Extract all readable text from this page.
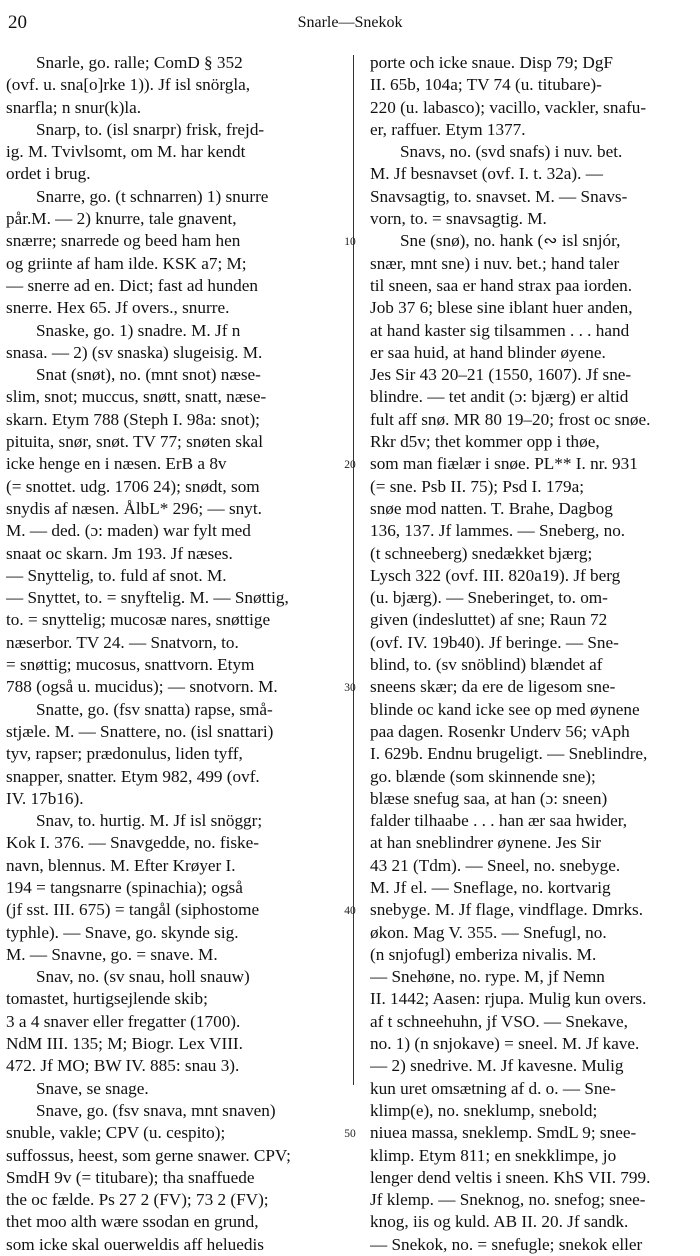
20	Snarle—Snekok
Snarle, go. ralle; ComD § 352
(ovf. u. sna[o]rke 1)). Jf isl snörgla,
snarfla; n snur(k)la.
Snarp, to. (isl snarpr) frisk, frejd-
ig. M. Tvivlsomt, om M. har kendt
ordet i brug.
Snarre, go. (t schnarren) 1) snurre
pår.M. — 2) knurre, tale gnavent,
snærre; snarrede og beed ham hen
og griinte af ham ilde. KSK a7; M;
— snerre ad en. Dict; fast ad hunden
snerre. Hex 65. Jf overs., snurre.
Snaske, go. 1) snadre. M. Jf n
snasa. — 2) (sv snaska) slugeisig. M.
Snat (snøt), no. (mnt snot) næse-
slim, snot; muccus, snøtt, snatt, næse-
skarn. Etym 788 (Steph I. 98a: snot);
pituita, snør, snøt. TV 77; snøten skal
icke henge en i næsen. ErB a 8v
(= snottet. udg. 1706 24); snødt, som
snydis af næsen. ÅlbL* 296; — snyt.
M. — ded. (ɔ: maden) war fylt med
snaat oc skarn. Jm 193. Jf næses.
— Snyttelig, to. fuld af snot. M.
— Snyttet, to. = snyftelig. M. — Snøttig,
to. = snyttelig; mucosæ nares, snøttige
næserbor. TV 24. — Snatvorn, to.
= snøttig; mucosus, snattvorn. Etym
788 (også u. mucidus); — snotvorn. M.
Snatte, go. (fsv snatta) rapse, små-
stjæle. M. — Snattere, no. (isl snattari)
tyv, rapser; prædonulus, liden tyff,
snapper, snatter. Etym 982, 499 (ovf.
IV. 17b16).
Snav, to. hurtig. M. Jf isl snöggr;
Kok I. 376. — Snavgedde, no. fiske-
navn, blennus. M. Efter Krøyer I.
194 = tangsnarre (spinachia); også
(jf sst. III. 675) = tangål (siphostome
typhle). — Snave, go. skynde sig.
M. — Snavne, go. = snave. M.
Snav, no. (sv snau, holl snauw)
tomastet, hurtigsejlende skib;
3 a 4 snaver eller fregatter (1700).
NdM III. 135; M; Biogr. Lex VIII.
472. Jf MO; BW IV. 885: snau 3).
Snave, se snage.
Snave, go. (fsv snava, mnt snaven)
snuble, vakle; CPV (u. cespito);
suffossus, heest, som gerne snawer. CPV;
SmdH 9v (= titubare); tha snaffuede
the oc fælde. Ps 27 2 (FV); 73 2 (FV);
thet moo alth wære ssodan en grund,
som icke skal ouerweldis aff heluedis
porte och icke snaue. Disp 79; DgF
II. 65b, 104a; TV 74 (u. titubare)-
220 (u. labasco); vacillo, vackler, snafu-
er, raffuer. Etym 1377.
Snavs, no. (svd snafs) i nuv. bet.
M. Jf besnavset (ovf. I. t. 32a). —
Snavsagtig, to. snavset. M. — Snavs-
vorn, to. = snavsagtig. M.
Sne (snø), no. hank (∾ isl snjór,
snær, mnt sne) i nuv. bet.; hand taler
til sneen, saa er hand strax paa iorden.
Job 37 6; blese sine iblant huer anden,
at hand kaster sig tilsammen . . . hand
er saa huid, at hand blinder øyene.
Jes Sir 43 20–21 (1550, 1607). Jf sne-
blindre. — tet andit (ɔ: bjærg) er altid
fult aff snø. MR 80 19–20; frost oc snøe.
Rkr d5v; thet kommer opp i thøe,
som man fiælær i snøe. PL** I. nr. 931
(= sne. Psb II. 75); Psd I. 179a;
snøe mod natten. T. Brahe, Dagbog
136, 137. Jf lammes. — Sneberg, no.
(t schneeberg) snedækket bjærg;
Lysch 322 (ovf. III. 820a19). Jf berg
(u. bjærg). — Sneberinget, to. om-
given (indesluttet) af sne; Raun 72
(ovf. IV. 19b40). Jf beringe. — Sne-
blind, to. (sv snöblind) blændet af
sneens skær; da ere de ligesom sne-
blinde oc kand icke see op med øynene
paa dagen. Rosenkr Underv 56; vAph
I. 629b. Endnu brugeligt. — Sneblindre,
go. blænde (som skinnende sne);
blæse snefug saa, at han (ɔ: sneen)
falder tilhaabe . . . han ær saa hwider,
at han sneblindrer øynene. Jes Sir
43 21 (Tdm). — Sneel, no. snebyge.
M. Jf el. — Sneflage, no. kortvarig
snebyge. M. Jf flage, vindflage. Dmrks.
økon. Mag V. 355. — Snefugl, no.
(n snjofugl) emberiza nivalis. M.
— Snehøne, no. rype. M, jf Nemn
II. 1442; Aasen: rjupa. Mulig kun overs.
af t schneehuhn, jf VSO. — Snekave,
no. 1) (n snjokave) = sneel. M. Jf kave.
— 2) snedrive. M. Jf kavesne. Mulig
kun uret omsætning af d. o. — Sne-
klimp(e), no. sneklump, snebold;
niuea massa, sneklemp. SmdL 9; snee-
klimp. Etym 811; en snekklimpe, jo
lenger dend veltis i sneen. KhS VII. 799.
Jf klemp. — Sneknog, no. snefog; snee-
knog, iis og kuld. AB II. 20. Jf sandk.
— Snekok, no. = snefugle; snekok eller
10
20
30
40
50
